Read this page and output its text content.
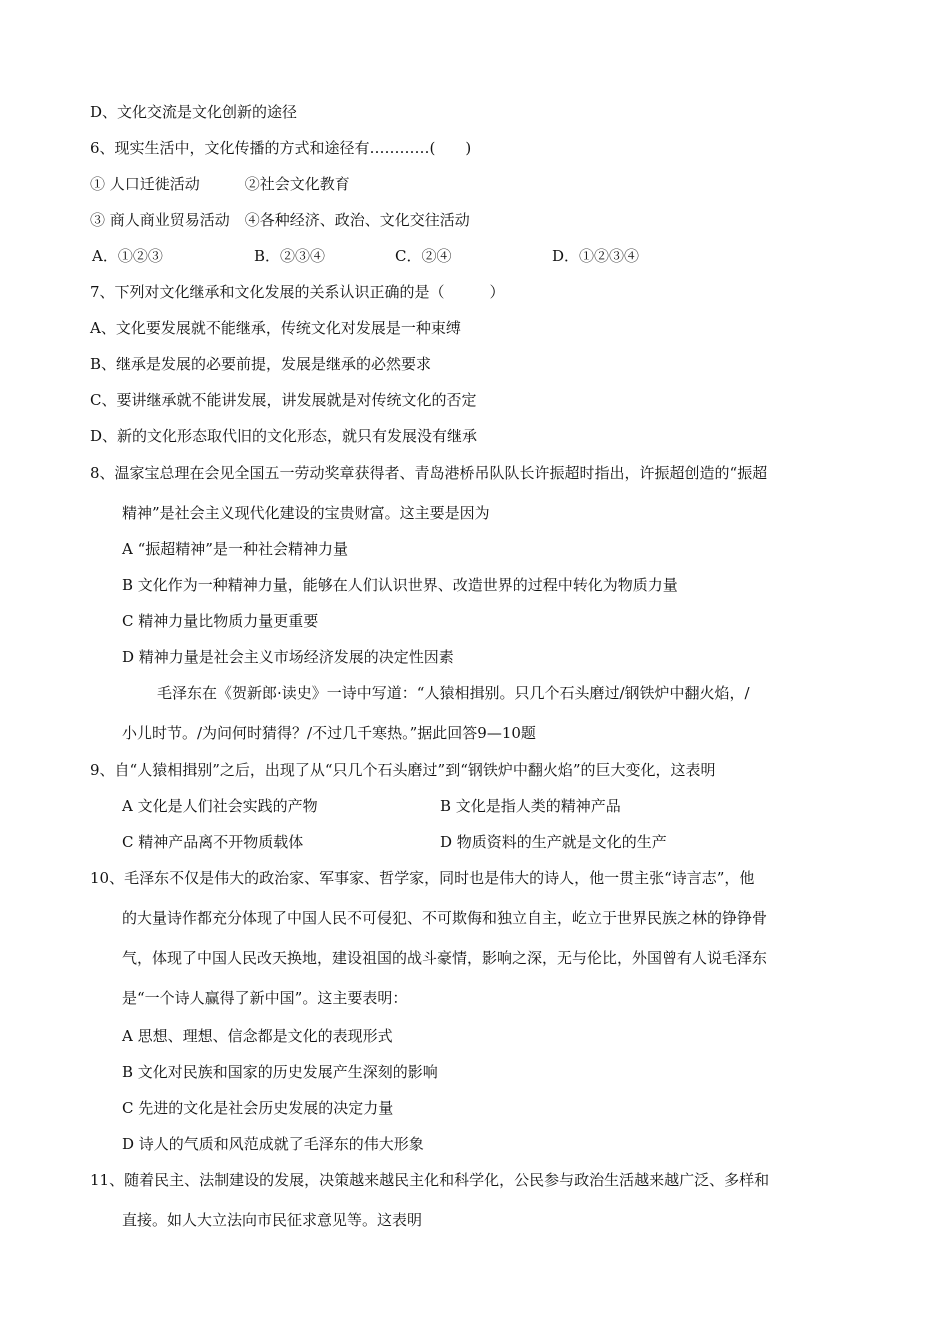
D、文化交流是文化创新的途径
6、现实生活中，文化传播的方式和途径有…………(　　)
① 人口迁徙活动　　　②社会文化教育
③ 商人商业贸易活动　④各种经济、政治、文化交往活动
A．①②③	B．②③④	C．②④	D．①②③④
7、下列对文化继承和文化发展的关系认识正确的是（　　　）
A、文化要发展就不能继承，传统文化对发展是一种束缚
B、继承是发展的必要前提，发展是继承的必然要求
C、要讲继承就不能讲发展，讲发展就是对传统文化的否定
D、新的文化形态取代旧的文化形态，就只有发展没有继承
8、温家宝总理在会见全国五一劳动奖章获得者、青岛港桥吊队队长许振超时指出，许振超创造的“振超
精神”是社会主义现代化建设的宝贵财富。这主要是因为
A “振超精神”是一种社会精神力量
B 文化作为一种精神力量，能够在人们认识世界、改造世界的过程中转化为物质力量
C 精神力量比物质力量更重要
D 精神力量是社会主义市场经济发展的决定性因素
毛泽东在《贺新郎·读史》一诗中写道：“人猿相揖别。只几个石头磨过/钢铁炉中翻火焰，/
小儿时节。/为问何时猜得？/不过几千寒热。”据此回答9—10题
9、自“人猿相揖别”之后，出现了从“只几个石头磨过”到“钢铁炉中翻火焰”的巨大变化，这表明
A 文化是人们社会实践的产物	B 文化是指人类的精神产品
C 精神产品离不开物质载体	D 物质资料的生产就是文化的生产
10、毛泽东不仅是伟大的政治家、军事家、哲学家，同时也是伟大的诗人，他一贯主张“诗言志”，他
的大量诗作都充分体现了中国人民不可侵犯、不可欺侮和独立自主，屹立于世界民族之林的铮铮骨
气，体现了中国人民改天换地，建设祖国的战斗豪情，影响之深，无与伦比，外国曾有人说毛泽东
是“一个诗人赢得了新中国”。这主要表明：
A 思想、理想、信念都是文化的表现形式
B 文化对民族和国家的历史发展产生深刻的影响
C 先进的文化是社会历史发展的决定力量
D 诗人的气质和风范成就了毛泽东的伟大形象
11、随着民主、法制建设的发展，决策越来越民主化和科学化，公民参与政治生活越来越广泛、多样和
直接。如人大立法向市民征求意见等。这表明
